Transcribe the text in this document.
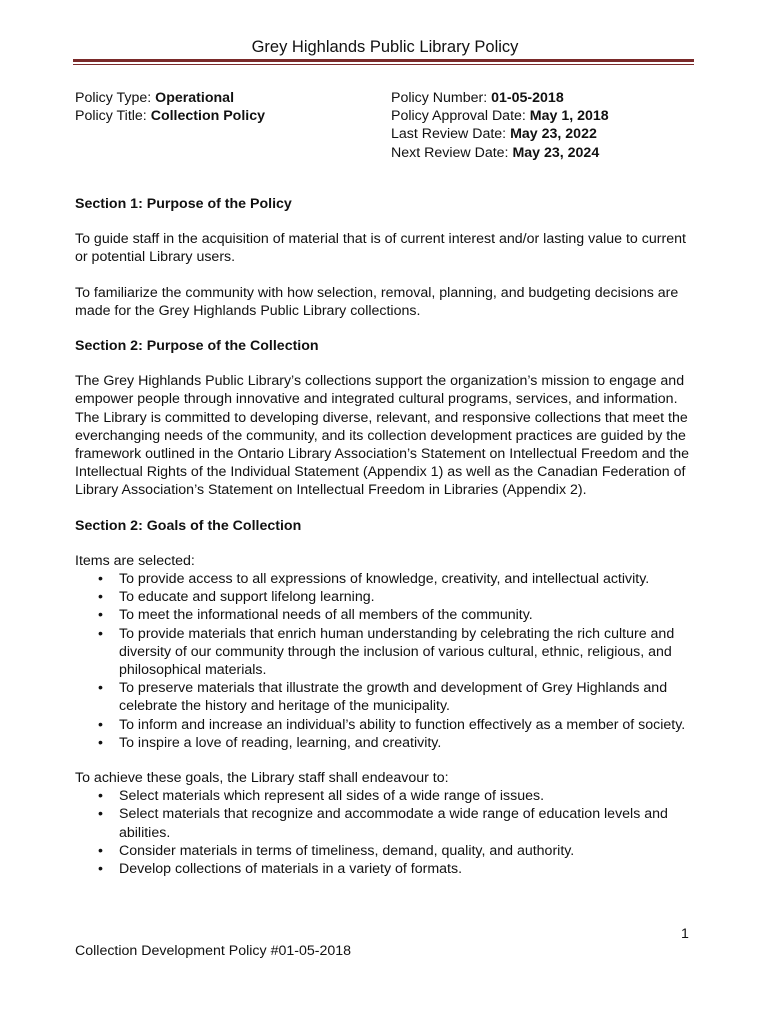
Grey Highlands Public Library Policy
Policy Type: Operational
Policy Title: Collection Policy
Policy Number: 01-05-2018
Policy Approval Date: May 1, 2018
Last Review Date: May 23, 2022
Next Review Date: May 23, 2024

Section 1: Purpose of the Policy

To guide staff in the acquisition of material that is of current interest and/or lasting value to current or potential Library users.

To familiarize the community with how selection, removal, planning, and budgeting decisions are made for the Grey Highlands Public Library collections.

Section 2: Purpose of the Collection

The Grey Highlands Public Library’s collections support the organization’s mission to engage and empower people through innovative and integrated cultural programs, services, and information. The Library is committed to developing diverse, relevant, and responsive collections that meet the everchanging needs of the community, and its collection development practices are guided by the framework outlined in the Ontario Library Association’s Statement on Intellectual Freedom and the Intellectual Rights of the Individual Statement (Appendix 1) as well as the Canadian Federation of Library Association’s Statement on Intellectual Freedom in Libraries (Appendix 2).

Section 2: Goals of the Collection

Items are selected:

• To provide access to all expressions of knowledge, creativity, and intellectual activity.
• To educate and support lifelong learning.
• To meet the informational needs of all members of the community.
• To provide materials that enrich human understanding by celebrating the rich culture and diversity of our community through the inclusion of various cultural, ethnic, religious, and philosophical materials.
• To preserve materials that illustrate the growth and development of Grey Highlands and celebrate the history and heritage of the municipality.
• To inform and increase an individual’s ability to function effectively as a member of society.
• To inspire a love of reading, learning, and creativity.

To achieve these goals, the Library staff shall endeavour to:

• Select materials which represent all sides of a wide range of issues.
• Select materials that recognize and accommodate a wide range of education levels and abilities.
• Consider materials in terms of timeliness, demand, quality, and authority.
• Develop collections of materials in a variety of formats.
1
Collection Development Policy #01-05-2018
